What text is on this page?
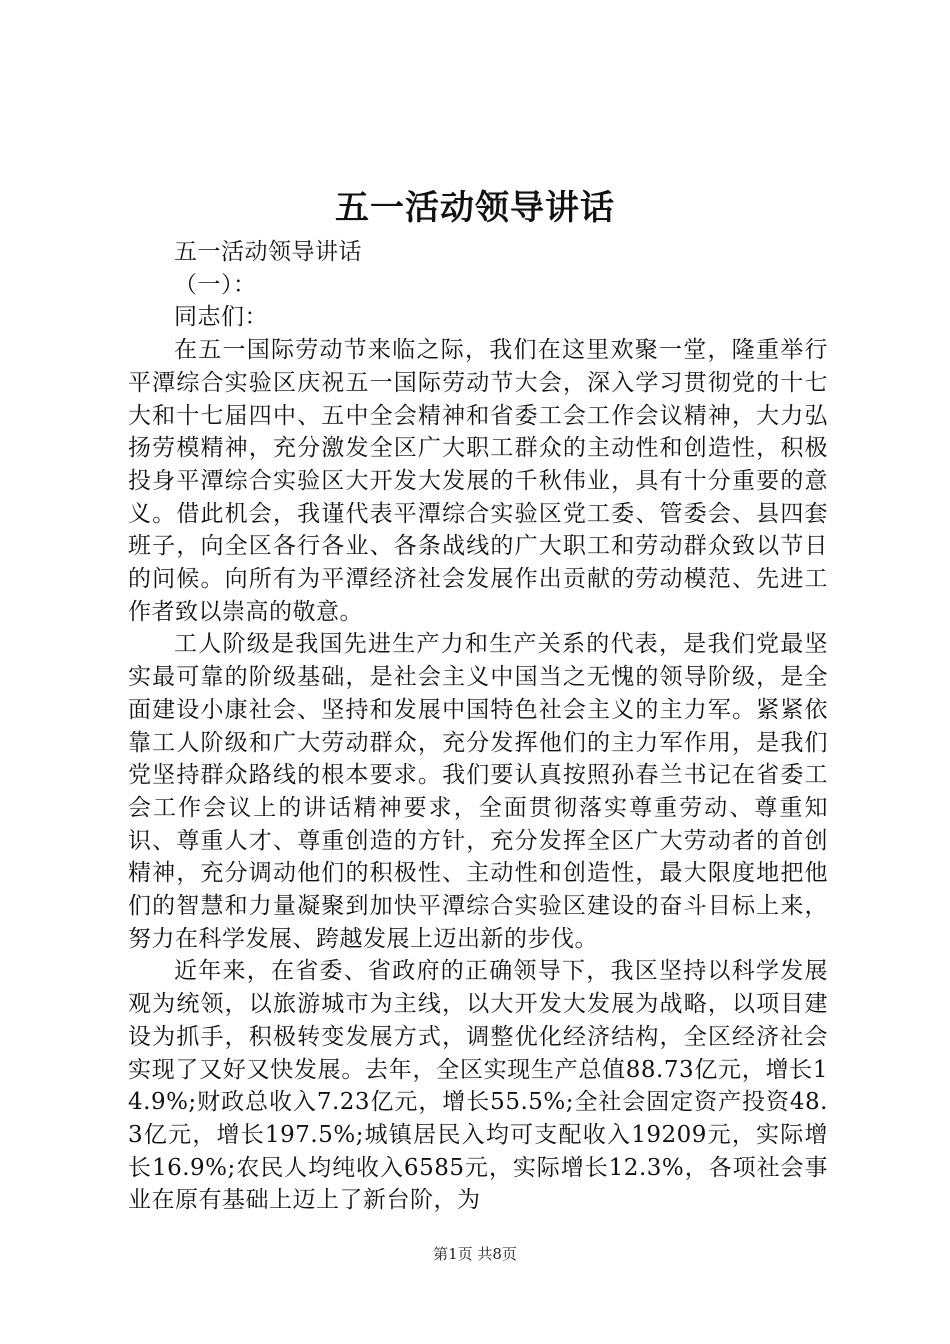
五一活动领导讲话

五一活动领导讲话

（一）：

同志们：

在五一国际劳动节来临之际，我们在这里欢聚一堂，隆重举行平潭综合实验区庆祝五一国际劳动节大会，深入学习贯彻党的十七大和十七届四中、五中全会精神和省委工会工作会议精神，大力弘扬劳模精神，充分激发全区广大职工群众的主动性和创造性，积极投身平潭综合实验区大开发大发展的千秋伟业，具有十分重要的意义。借此机会，我谨代表平潭综合实验区党工委、管委会、县四套班子，向全区各行各业、各条战线的广大职工和劳动群众致以节日的问候。向所有为平潭经济社会发展作出贡献的劳动模范、先进工作者致以崇高的敬意。

工人阶级是我国先进生产力和生产关系的代表，是我们党最坚实最可靠的阶级基础，是社会主义中国当之无愧的领导阶级，是全面建设小康社会、坚持和发展中国特色社会主义的主力军。紧紧依靠工人阶级和广大劳动群众，充分发挥他们的主力军作用，是我们党坚持群众路线的根本要求。我们要认真按照孙春兰书记在省委工会工作会议上的讲话精神要求，全面贯彻落实尊重劳动、尊重知识、尊重人才、尊重创造的方针，充分发挥全区广大劳动者的首创精神，充分调动他们的积极性、主动性和创造性，最大限度地把他们的智慧和力量凝聚到加快平潭综合实验区建设的奋斗目标上来，努力在科学发展、跨越发展上迈出新的步伐。

近年来，在省委、省政府的正确领导下，我区坚持以科学发展观为统领，以旅游城市为主线，以大开发大发展为战略，以项目建设为抓手，积极转变发展方式，调整优化经济结构，全区经济社会实现了又好又快发展。去年，全区实现生产总值88.73亿元，增长14.9%;财政总收入7.23亿元，增长55.5%;全社会固定资产投资48.3亿元，增长197.5%;城镇居民入均可支配收入19209元，实际增长16.9%;农民人均纯收入6585元，实际增长12.3%，各项社会事业在原有基础上迈上了新台阶，为

第1页 共8页
